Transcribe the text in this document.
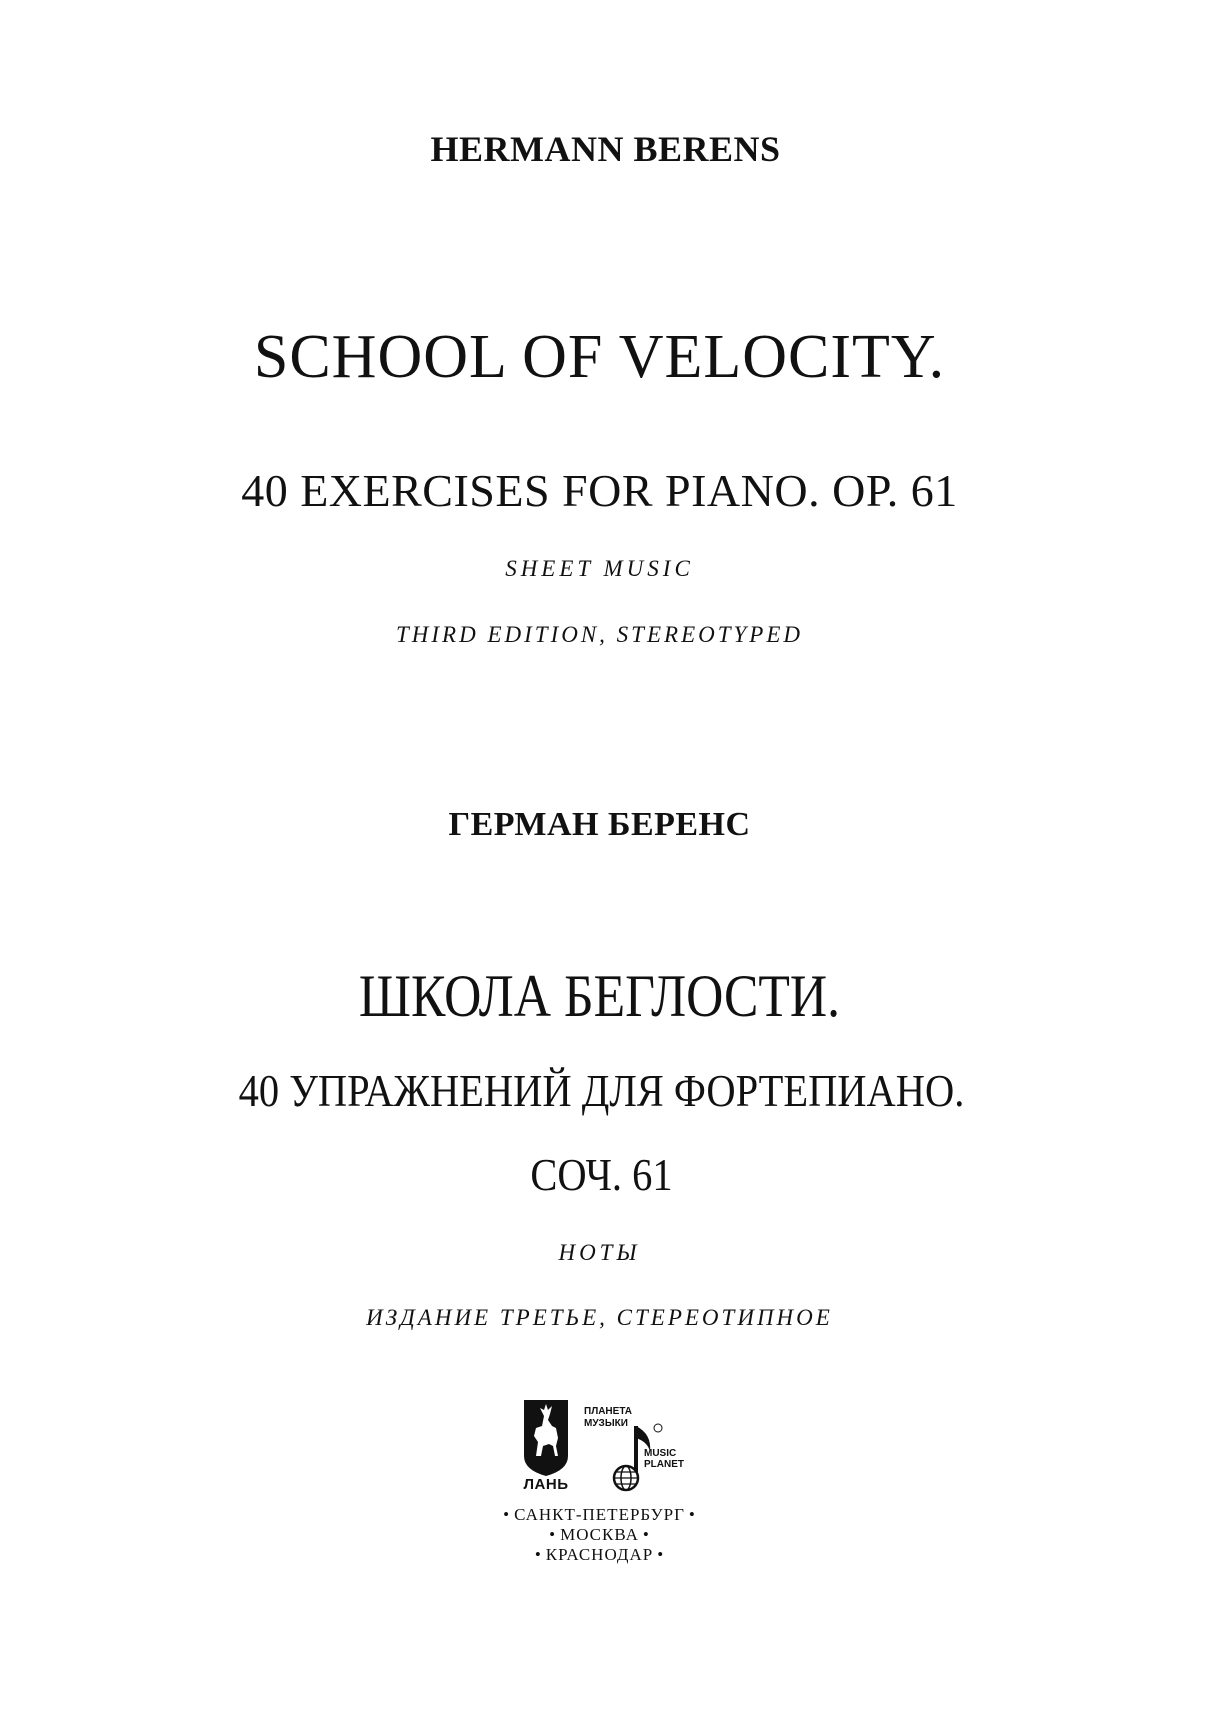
HERMANN BERENS
SCHOOL OF VELOCITY.
40 EXERCISES FOR PIANO. OP. 61
SHEET MUSIC
THIRD EDITION, STEREOTYPED
ГЕРМАН БЕРЕНС
ШКОЛА БЕГЛОСТИ.
40 УПРАЖНЕНИЙ ДЛЯ ФОРТЕПИАНО.
СОЧ. 61
НОТЫ
ИЗДАНИЕ ТРЕТЬЕ, СТЕРЕОТИПНОЕ
ЛАНЬ
ПЛАНЕТА
МУЗЫКИ
MUSIC
PLANET
• САНКТ-ПЕТЕРБУРГ •
• МОСКВА •
• КРАСНОДАР •
